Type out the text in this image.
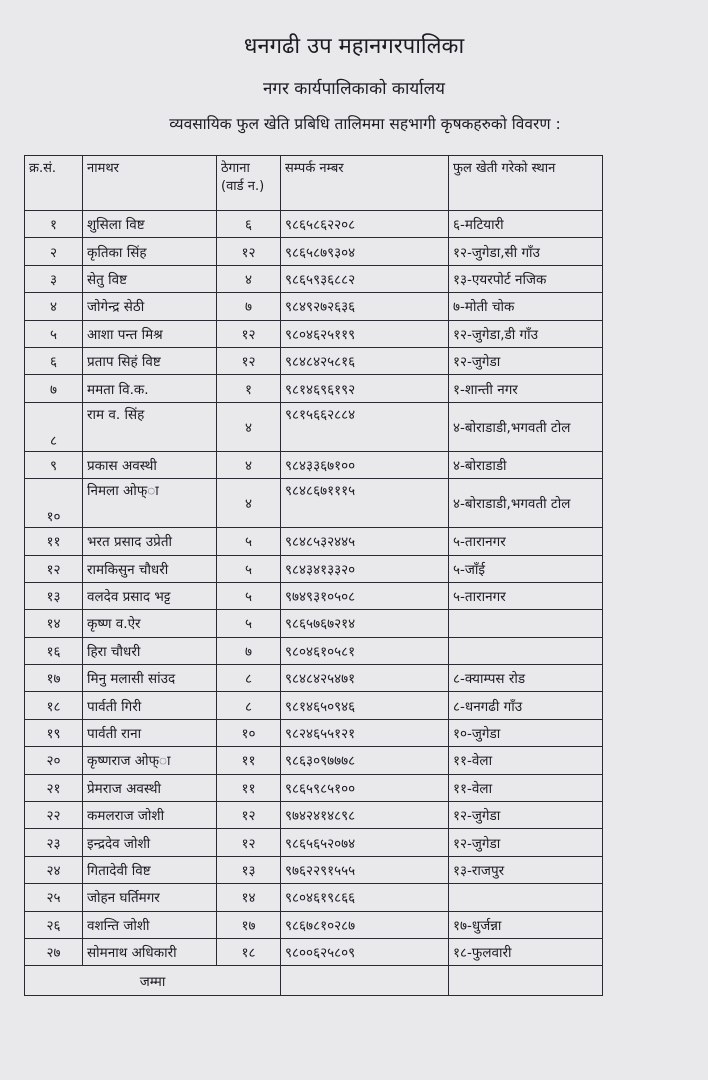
धनगढी उप महानगरपालिका
नगर कार्यपालिकाको कार्यालय
व्यवसायिक फुल खेति प्रबिधि तालिममा सहभागी कृषकहरुको विवरण :
क्र.सं.	नामथर	ठेगाना (वार्ड न.)	सम्पर्क नम्बर	फुल खेती गरेको स्थान
१	शुसिला विष्ट	६	९८६५८६२२०८	६-मटियारी
२	कृतिका सिंह	१२	९८६५८७९३०४	१२-जुगेडा,सी गाँउ
३	सेतु विष्ट	४	९८६५९३६८८२	१३-एयरपोर्ट नजिक
४	जोगेन्द्र सेठी	७	९८४९२७२६३६	७-मोती चोक
५	आशा पन्त मिश्र	१२	९८०४६२५११९	१२-जुगेडा,डी गाँउ
६	प्रताप सिहं विष्ट	१२	९८४८४२५८१६	१२-जुगेडा
७	ममता वि.क.	१	९८१४६९६१९२	१-शान्ती नगर
८	राम व. सिंह	४	९८१५६६२८८४	४-बोराडाडी,भगवती टोल
९	प्रकास अवस्थी	४	९८४३३६७१००	४-बोराडाडी
१०	निमला ओफ्ा	४	९८४८६७१११५	४-बोराडाडी,भगवती टोल
११	भरत प्रसाद उप्रेती	५	९८४८५३२४४५	५-तारानगर
१२	रामकिसुन चौधरी	५	९८४३४१३३२०	५-जाँई
१३	वलदेव प्रसाद भट्ट	५	९७४९३१०५०८	५-तारानगर
१४	कृष्ण व.ऐर	५	९८६५७६७२१४	
१६	हिरा चौधरी	७	९८०४६१०५८१	
१७	मिनु मलासी सांउद	८	९८४८४२५४७१	८-क्याम्पस रोड
१८	पार्वती गिरी	८	९८१४६५०९४६	८-धनगढी गाँउ
१९	पार्वती राना	१०	९८२४६५५१२१	१०-जुगेडा
२०	कृष्णराज ओफ्ा	११	९८६३०९७७७८	११-वेला
२१	प्रेमराज अवस्थी	११	९८६५९८५१००	११-वेला
२२	कमलराज जोशी	१२	९७४२४१४८९८	१२-जुगेडा
२३	इन्द्रदेव जोशी	१२	९८६५६५२०७४	१२-जुगेडा
२४	गितादेवी विष्ट	१३	९७६२२९१५५५	१३-राजपुर
२५	जोहन घर्तिमगर	१४	९८०४६१९८६६	
२६	वशन्ति जोशी	१७	९८६७८१०२८७	१७-धुर्जन्ना
२७	सोमनाथ अधिकारी	१८	९८००६२५८०९	१८-फुलवारी
जम्मा				
